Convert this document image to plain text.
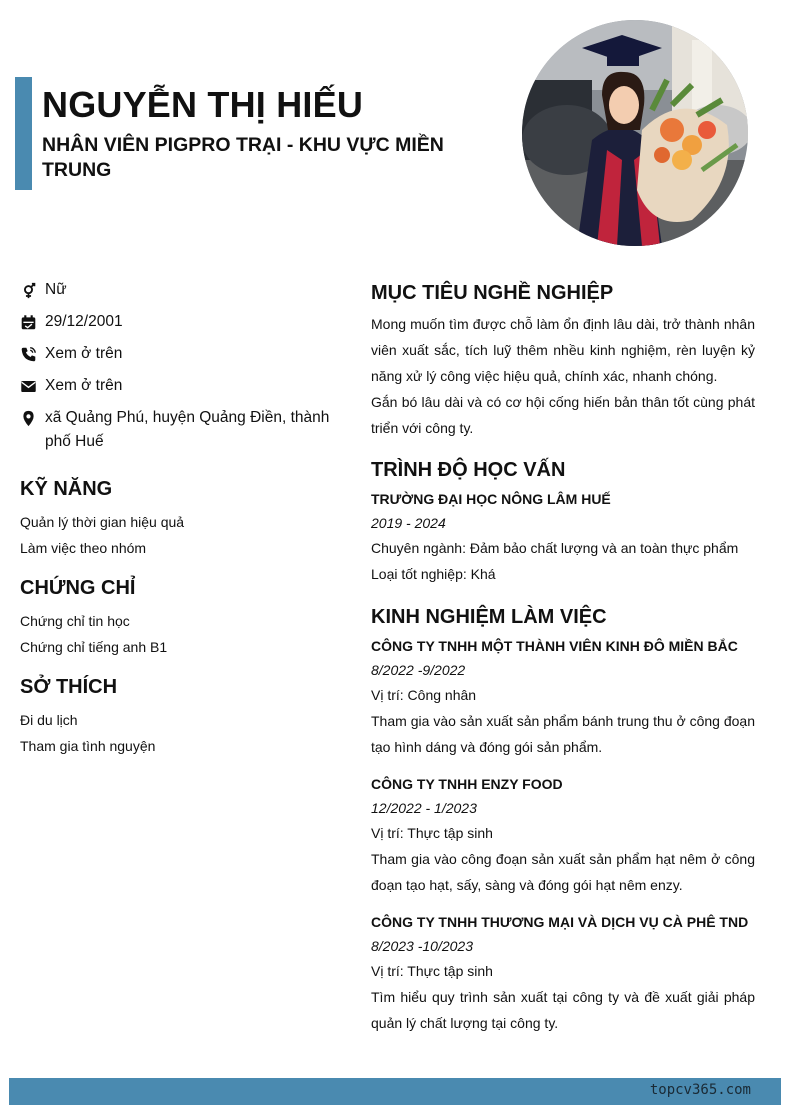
NGUYỄN THỊ HIẾU
NHÂN VIÊN PIGPRO TRẠI - KHU VỰC MIỀN TRUNG
Nữ
29/12/2001
Xem ở trên
Xem ở trên
xã Quảng Phú, huyện Quảng Điền, thành phố Huế
KỸ NĂNG
Quản lý thời gian hiệu quả
Làm việc theo nhóm
CHỨNG CHỈ
Chứng chỉ tin học
Chứng chỉ tiếng anh B1
SỞ THÍCH
Đi du lịch
Tham gia tình nguyện
MỤC TIÊU NGHỀ NGHIỆP
Mong muốn tìm được chỗ làm ổn định lâu dài, trở thành nhân viên xuất sắc, tích luỹ thêm nhều kinh nghiệm, rèn luyện kỷ năng xử lý công việc hiệu quả, chính xác, nhanh chóng.
Gắn bó lâu dài và có cơ hội cống hiến bản thân tốt cùng phát triển với công ty.
TRÌNH ĐỘ HỌC VẤN
TRƯỜNG ĐẠI HỌC NÔNG LÂM HUẾ
2019 - 2024
Chuyên ngành: Đảm bảo chất lượng và an toàn thực phẩm
Loại tốt nghiệp: Khá
KINH NGHIỆM LÀM VIỆC
CÔNG TY TNHH MỘT THÀNH VIÊN KINH ĐÔ MIỀN BẮC
8/2022 -9/2022
Vị trí: Công nhân
Tham gia vào sản xuất sản phẩm bánh trung thu ở công đoạn tạo hình dáng và đóng gói sản phẩm.
CÔNG TY TNHH ENZY FOOD
12/2022 - 1/2023
Vị trí: Thực tập sinh
Tham gia vào công đoạn sản xuất sản phẩm hạt nêm ở công đoạn tạo hạt, sấy, sàng và đóng gói hạt nêm enzy.
CÔNG TY TNHH THƯƠNG MẠI VÀ DỊCH VỤ CÀ PHÊ TND
8/2023 -10/2023
Vị trí: Thực tập sinh
Tìm hiểu quy trình sản xuất tại công ty và đề xuất giải pháp quản lý chất lượng tại công ty.
topcv365.com
